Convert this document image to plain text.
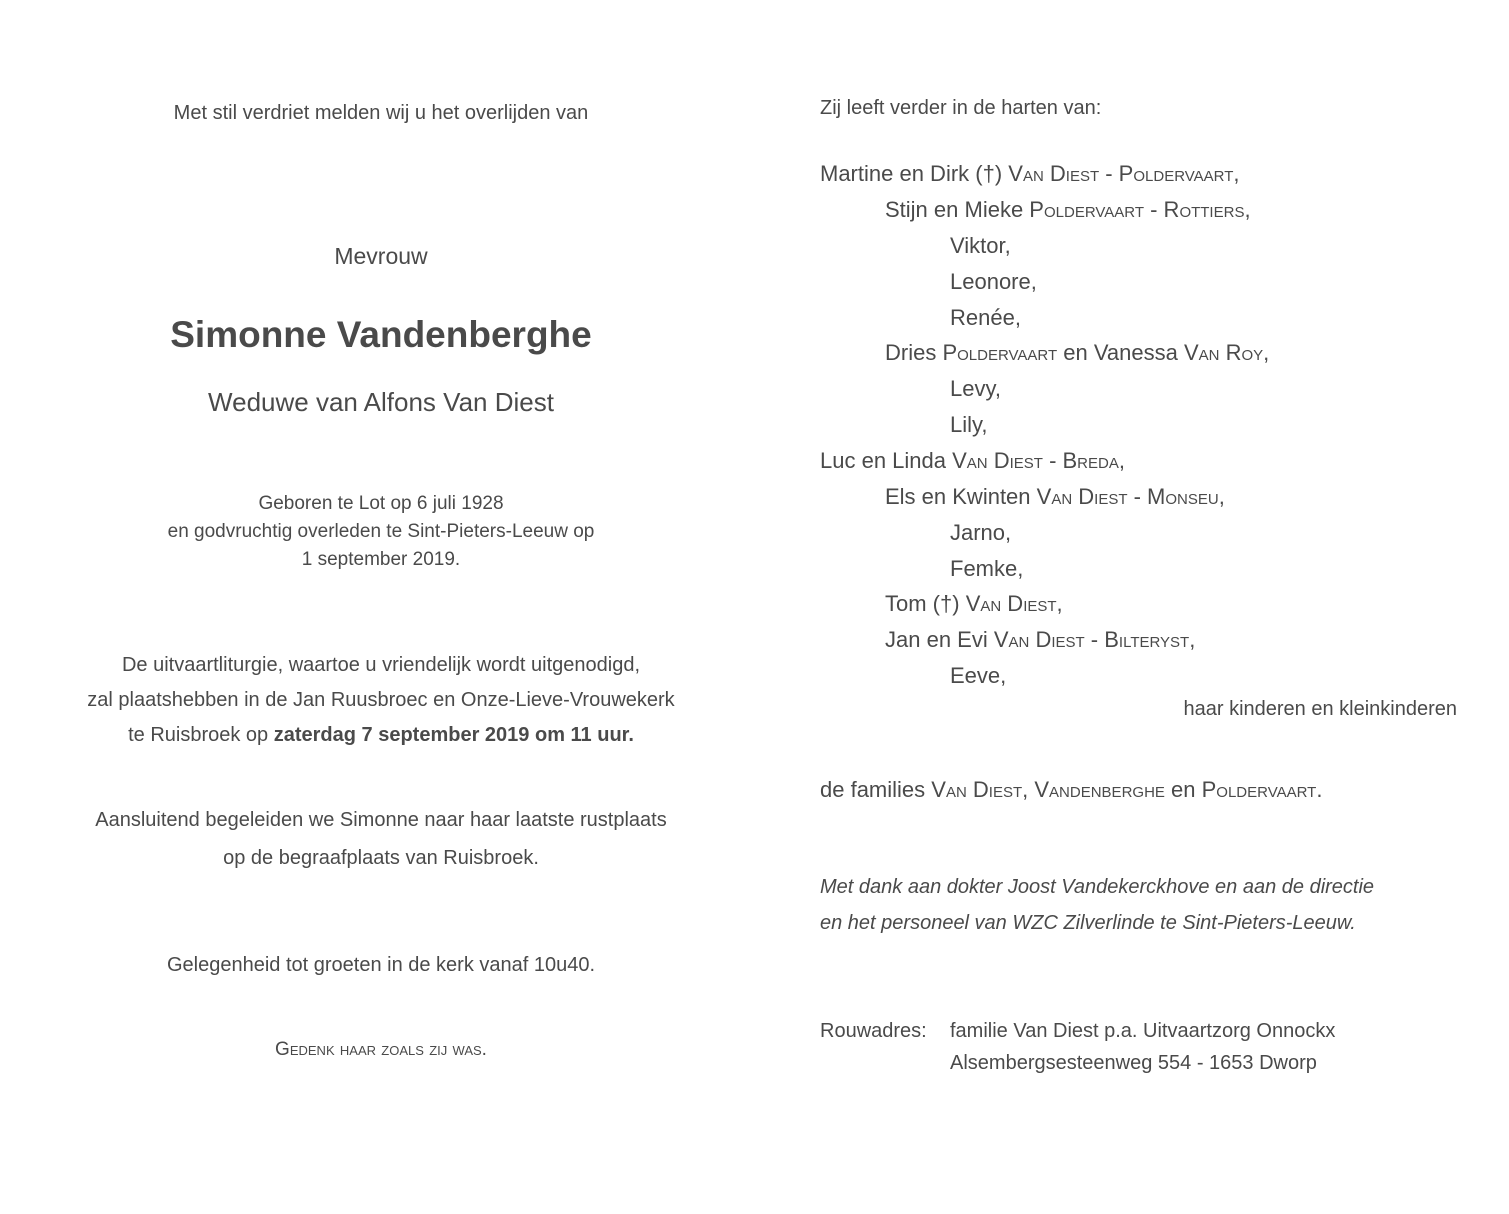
Met stil verdriet melden wij u het overlijden van
Mevrouw
Simonne Vandenberghe
Weduwe van Alfons Van Diest
Geboren te Lot op 6 juli 1928
en godvruchtig overleden te Sint-Pieters-Leeuw op
1 september 2019.
De uitvaartliturgie, waartoe u vriendelijk wordt uitgenodigd,
zal plaatshebben in de Jan Ruusbroec en Onze-Lieve-Vrouwekerk
te Ruisbroek op zaterdag 7 september 2019 om 11 uur.
Aansluitend begeleiden we Simonne naar haar laatste rustplaats
op de begraafplaats van Ruisbroek.
Gelegenheid tot groeten in de kerk vanaf 10u40.
Gedenk haar zoals zij was.
Zij leeft verder in de harten van:
Martine en Dirk (†) Van Diest - Poldervaart,
Stijn en Mieke Poldervaart - Rottiers,
Viktor,
Leonore,
Renée,
Dries Poldervaart en Vanessa Van Roy,
Levy,
Lily,
Luc en Linda Van Diest - Breda,
Els en Kwinten Van Diest - Monseu,
Jarno,
Femke,
Tom (†) Van Diest,
Jan en Evi Van Diest - Bilteryst,
Eeve,
haar kinderen en kleinkinderen
de families Van Diest, Vandenberghe en Poldervaart.
Met dank aan dokter Joost Vandekerckhove en aan de directie
en het personeel van WZC Zilverlinde te Sint-Pieters-Leeuw.
Rouwadres: familie Van Diest p.a. Uitvaartzorg Onnockx
Alsembergsesteenweg 554 - 1653 Dworp
